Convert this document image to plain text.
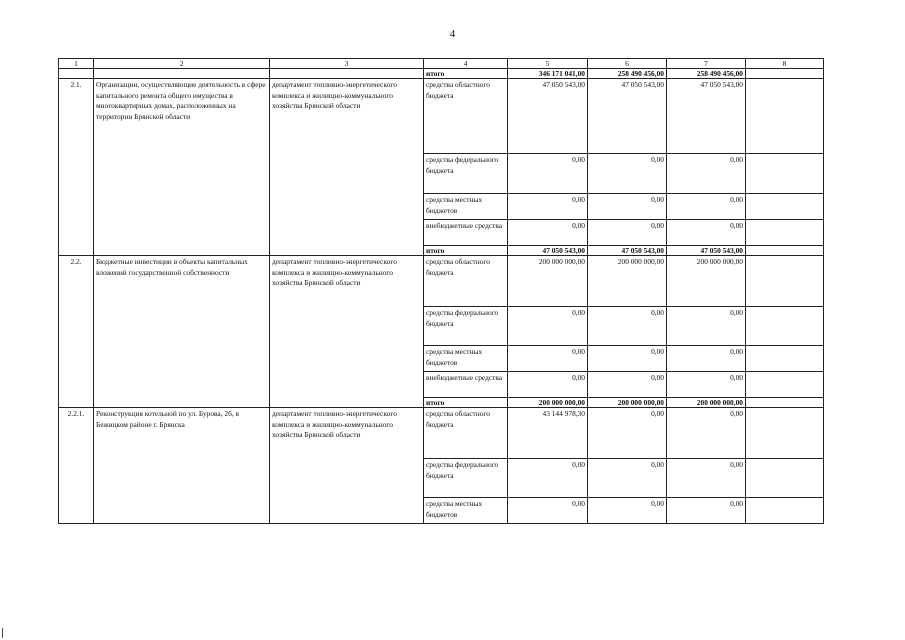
4
1	2	3	4	5	6	7	8
			итого	346 171 041,00	258 490 456,00	258 490 456,00	
2.1.	Организации, осуществляющие деятельность в сфере капитального ремонта общего имущества в многоквартирных домах, расположенных на территории Брянской области	департамент топливно-энергетического комплекса и жилищно-коммунального хозяйства Брянской области	средства областного бюджета	47 050 543,00	47 050 543,00	47 050 543,00	
			средства федерального бюджета	0,00	0,00	0,00	
			средства местных бюджетов	0,00	0,00	0,00	
			внебюджетные средства	0,00	0,00	0,00	
			итого	47 050 543,00	47 050 543,00	47 050 543,00	
2.2.	Бюджетные инвестиции в объекты капитальных вложений государственной собственности	департамент топливно-энергетического комплекса и жилищно-коммунального хозяйства Брянской области	средства областного бюджета	200 000 000,00	200 000 000,00	200 000 000,00	
			средства федерального бюджета	0,00	0,00	0,00	
			средства местных бюджетов	0,00	0,00	0,00	
			внебюджетные средства	0,00	0,00	0,00	
			итого	200 000 000,00	200 000 000,00	200 000 000,00	
2.2.1.	Реконструкция котельной по ул. Бурова, 2б, в Бежицком районе г. Брянска	департамент топливно-энергетического комплекса и жилищно-коммунального хозяйства Брянской области	средства областного бюджета	43 144 978,30	0,00	0,00	
			средства федерального бюджета	0,00	0,00	0,00	
			средства местных бюджетов	0,00	0,00	0,00	
